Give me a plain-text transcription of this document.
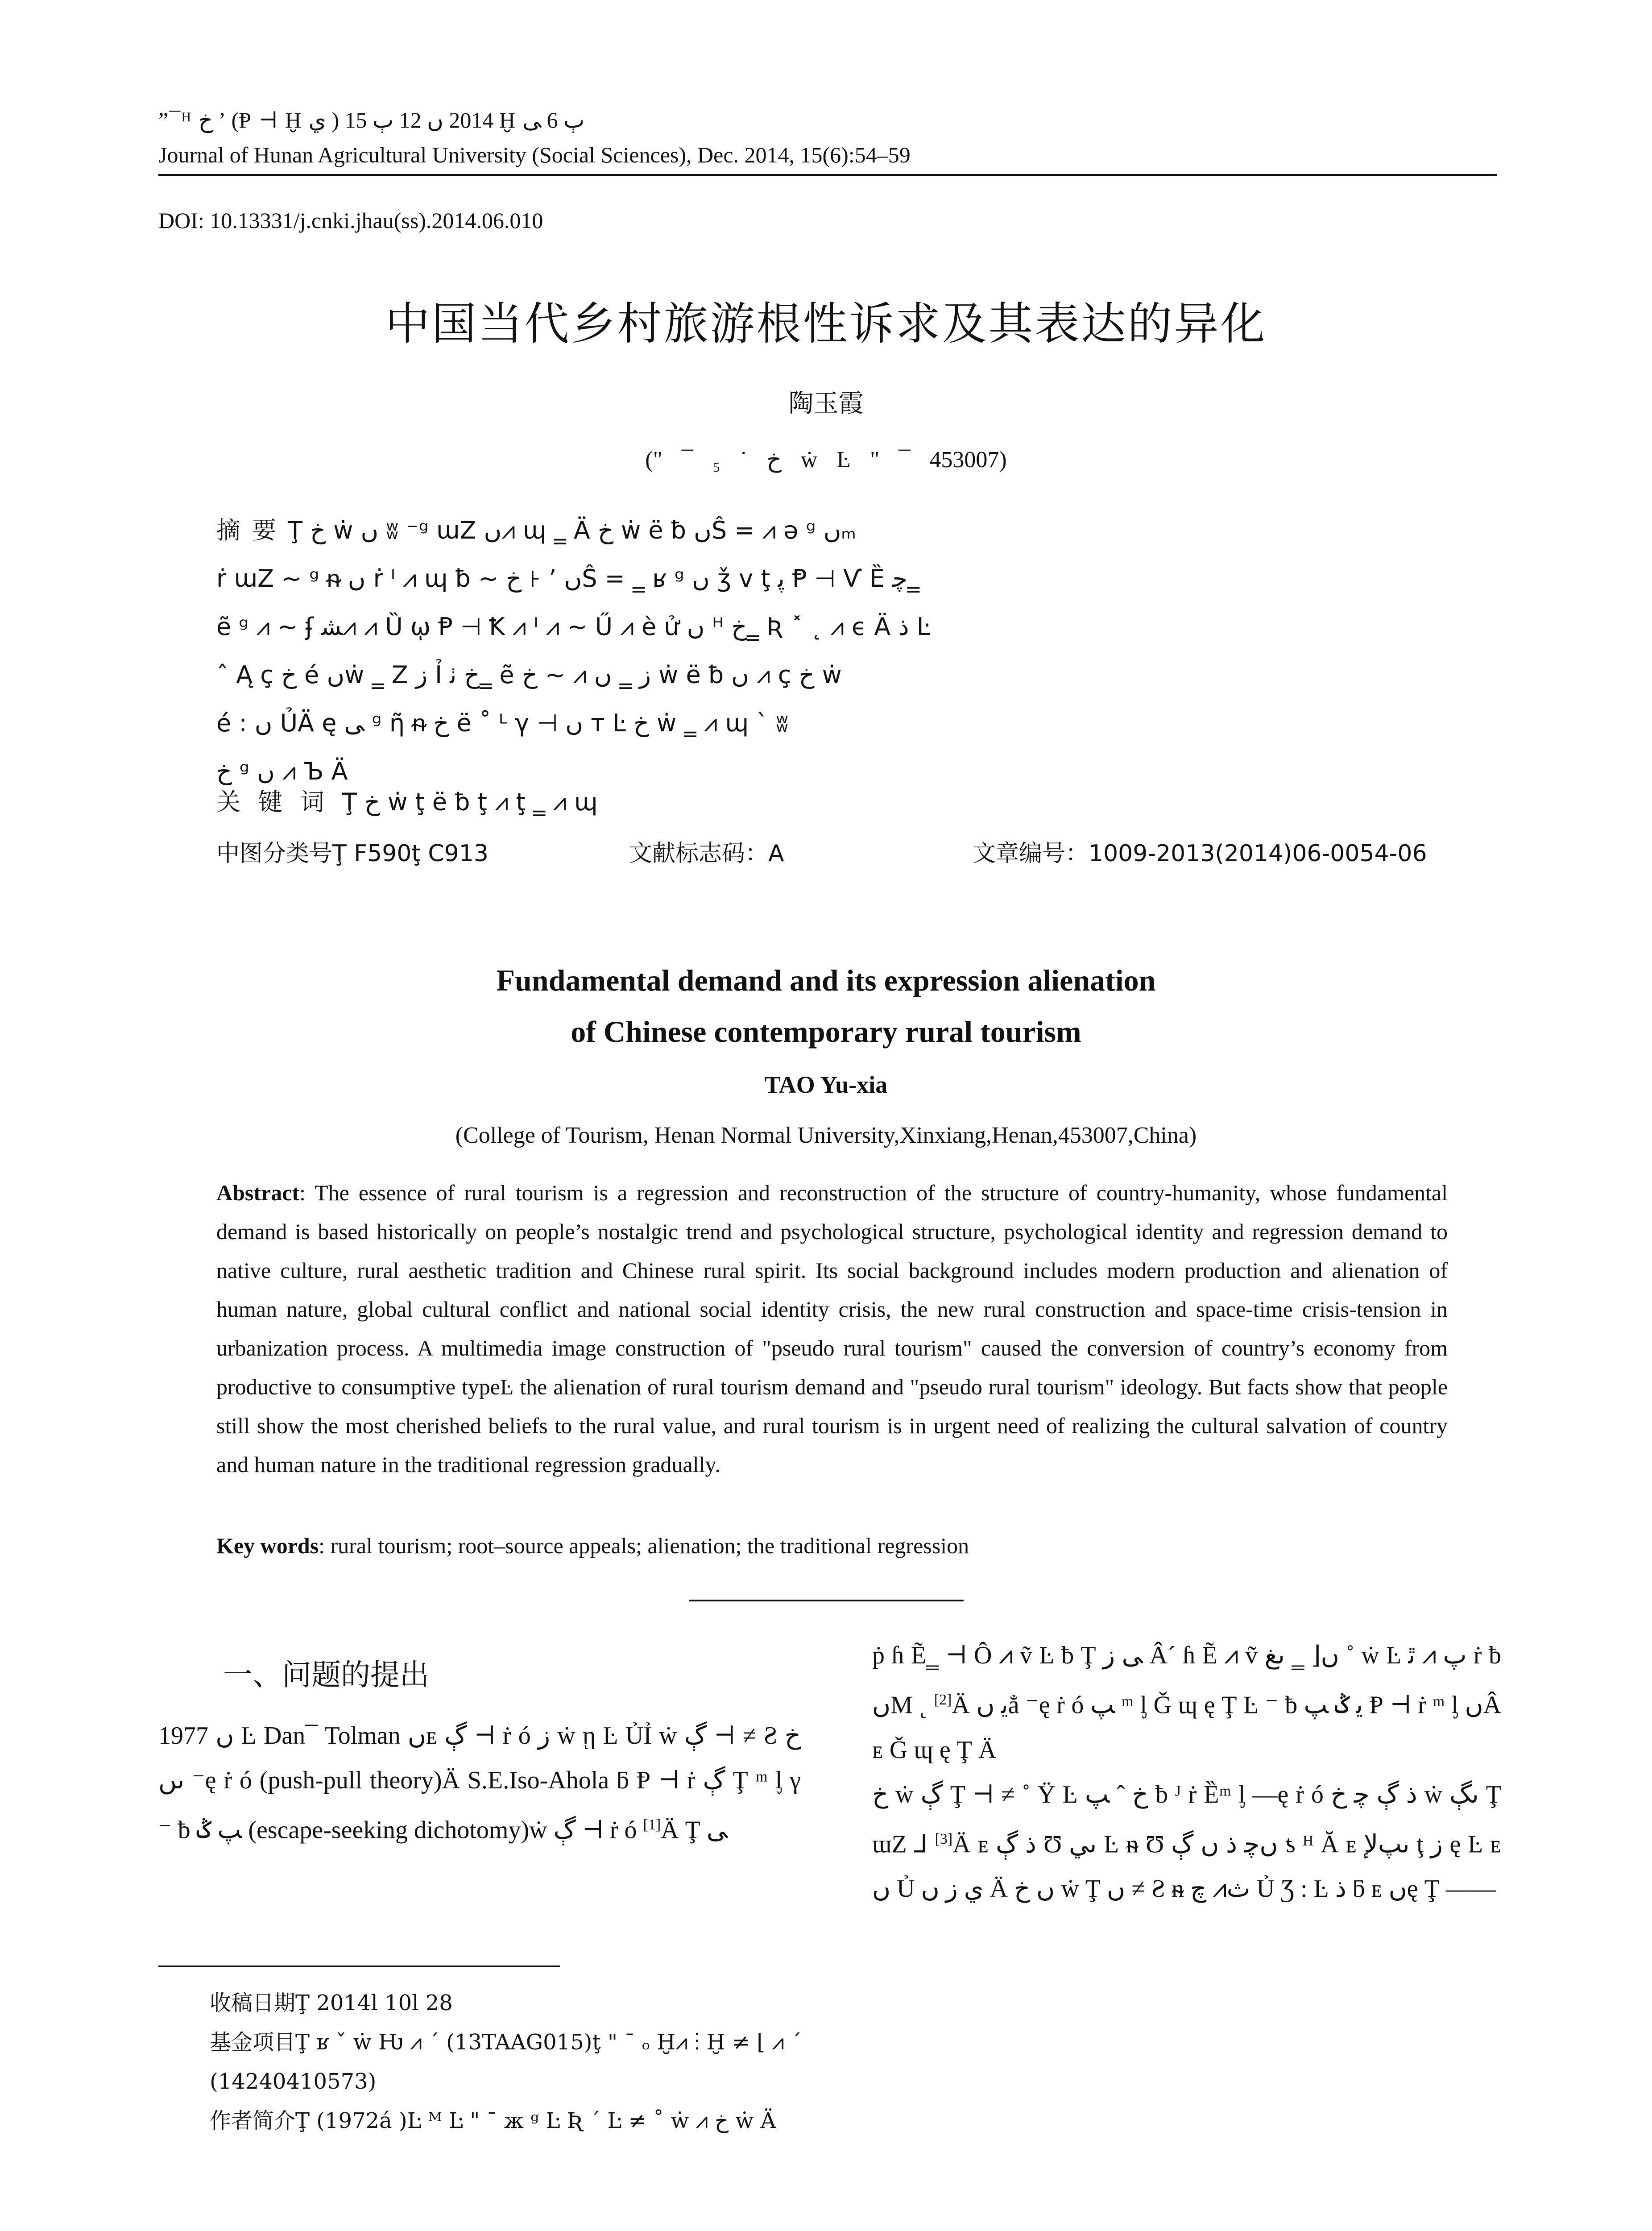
”¯ᴴ خ ʼ (Ᵽ ⊣ Ḫ ي ) 2014 ں 12 ٻ 15 Ḫ ٻ 6 ﯽ
Journal of Hunan Agricultural University (Social Sciences), Dec. 2014, 15(6):54–59
DOI: 10.13331/j.cnki.jhau(ss).2014.06.010
中国当代乡村旅游根性诉求及其表达的异化
陶玉霞
(" ¯ ₅ ˙ خ ẇ Ŀ " ¯ 453007)
摘要Ţ خ ẇ ں ʬ ⁻ᵍ ɯZ ں⩘ ɰ ‗ Ä خ ẇ ë ƀ ںŜ = ⩘ ə ᵍ ںₘ
ṙ ɯZ ~ ᵍ ᵰ ں ṙ ᴵ ⩘ ɰ ƀ ~ خ ꜔ ʼ ںŜ = ‗ ʁ ᵍ ں ǯ ᴠ ţ ﭘ Ᵽ ⊣ Ѵ Ȅ ﭼ‗
ẽ ᵍ ⩘ ~ ʄ ﺸ⩘ ⩘ Ȕ ῳ Ᵽ ⊣ Ꝁ ⩘ ᴵ ⩘ ~ Ű ⩘ è ử ں ᴴ خ‗ Ʀ ˟ ˛ ⩘ ϵ Ä ﺫ Ŀ
ˆ Ą ç خ é ںẇ ‗ Z ﺯ Ỉ خ ﭠ‗ ẽ ﺯ ‗ ں ⩘ ~ خ ẇ ë ƀ ں ⩘ ç خ ẇ
é : ں ỦÄ ę ﯽ ᵍ ῆ ᵰ خ ë ˚ ᴸ γ ⊣ ں ᴛ Ŀ خ ẇ ‗ ⩘ ɰ ` ʬ
خ ᵍ ں ⩘ Ъ Ä
关键词Ţ خ ẇ ţ ë ƀ ţ ⩘ ţ ‗ ⩘ ɰ
中图分类号Ţ F590ţ C913	文献标志码：A	文章编号：1009-2013(2014)06-0054-06
Fundamental demand and its expression alienation
of Chinese contemporary rural tourism
TAO Yu-xia
(College of Tourism, Henan Normal University,Xinxiang,Henan,453007,China)
Abstract: The essence of rural tourism is a regression and reconstruction of the structure of country-humanity, whose fundamental demand is based historically on people’s nostalgic trend and psychological structure, psychological identity and regression demand to native culture, rural aesthetic tradition and Chinese rural spirit. Its social background includes modern production and alienation of human nature, global cultural conflict and national social identity crisis, the new rural construction and space-time crisis-tension in urbanization process. A multimedia image construction of "pseudo rural tourism" caused the conversion of country’s economy from productive to consumptive typeĿ the alienation of rural tourism demand and "pseudo rural tourism" ideology. But facts show that people still show the most cherished beliefs to the rural value, and rural tourism is in urgent need of realizing the cultural salvation of country and human nature in the traditional regression gradually.
Key words: rural tourism; root–source appeals; alienation; the traditional regression
一、问题的提出
1977 ں Ŀ Dan¯ Tolman ںᴇ ڳ ⊣ ṙ ó ﺯ ẇ ῃ Ŀ ỦỈ ẇ ڳ ⊣ ≠ Ƨ خ ںں ⁻ę ṙ ó (push-pull theory)Ä S.E.Iso-Ahola ƃ Ᵽ ⊣ ṙ ڳ Ţ ᵐ ᶅ γ ⁻ ƀ ﭗ ݣ (escape-seeking dichotomy)ẇ ڳ ⊣ ṙ ó [1]Ä Ţ ﯽ
收稿日期Ţ 2014ⅼ 10ⅼ 28
基金项目Ţ ʁ ˇ ẇ Ƕ ⩘ ´ (13TAAG015)ţ " ¯ ₒ Ḫ⩘ ⁝ Ḫ ≠ ⌊ ⩘ ´ (14240410573)
作者简介Ţ (1972á )Ŀ ᴹ Ŀ " ¯ ж ᵍ Ŀ Ʀ ´ Ŀ ≠ ˚ ẇ ⩘ خ ẇ Ä
ṗ ɦ Ẽ‗ ⊣ Ô ⩘ ṽ Ŀ ƀ Ţ ﯽ ﺯ Â´ ɦ Ẽ ⩘ ṽ ں⌊ ‗ ںغ ˚ ẇ Ŀ ﭖ ⩘ ﭤ ṙ ƀ ںM ˛ [2]Ä ﯾ ںẳ ⁻ę ṙ ó ﭗ ᵐ ᶅ Ǧ ɰ ę Ţ Ŀ ⁻ ƀ ﯾ ݣ ﭗ Ᵽ ⊣ ṙ ᵐ ᶅ ںÂ ᴇ Ǧ ɰ ę Ţ Ä
خ ẇ ڳ Ţ ⊣ ≠ ˚ Ÿ Ŀ خ ˆ ﭗ ƀ ᴶ ṙ Ȅᵐ ᶅ —ę ṙ ó ﺫ ڳ ﭼ خ ẇ ںڳ Ţ ɯZ ⅃ [3]Ä ᴇ ﺫ ڳ Ʊ ںي Ŀ ᵰ Ʊ ںﭼ ﺫ ں ڳ ƾ ᴴ Ă ᴇ ںپﻹ ţ ﺯ ę Ŀ ᴇ ں Ủ ي ﺯ ں Ä ں خ ẇ Ţ ں ≠ Ƨ ᵰ ﺙ⩘ ﭺ Ủ Ʒ : Ŀ ﺫ ƃ ᴇ ںę Ţ ——
